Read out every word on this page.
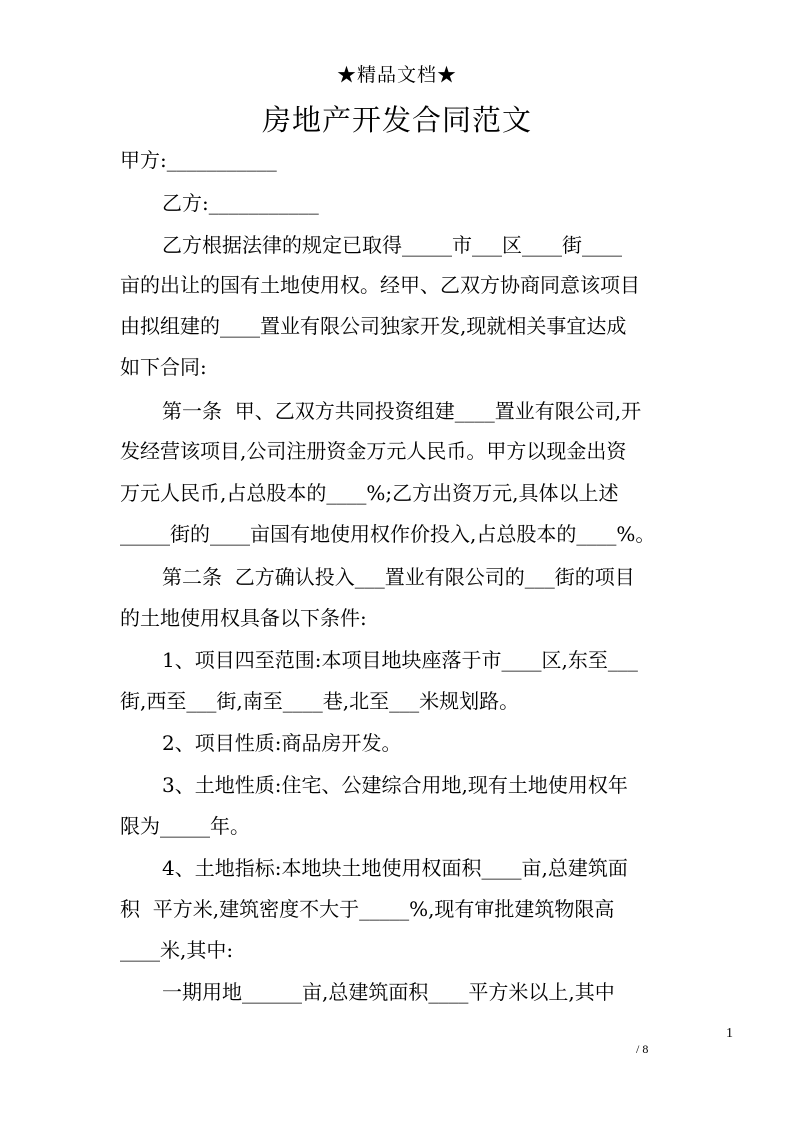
★精品文档★
房地产开发合同范文
甲方:___________
乙方:___________
乙方根据法律的规定已取得_____市___区____街____
亩的出让的国有土地使用权。经甲、乙双方协商同意该项目
由拟组建的____置业有限公司独家开发,现就相关事宜达成
如下合同:
第一条  甲、乙双方共同投资组建____置业有限公司,开
发经营该项目,公司注册资金万元人民币。甲方以现金出资
万元人民币,占总股本的____%;乙方出资万元,具体以上述
_____街的____亩国有地使用权作价投入,占总股本的____%。
第二条  乙方确认投入___置业有限公司的___街的项目
的土地使用权具备以下条件:
1、项目四至范围:本项目地块座落于市____区,东至___
街,西至___街,南至____巷,北至___米规划路。
2、项目性质:商品房开发。
3、土地性质:住宅、公建综合用地,现有土地使用权年
限为_____年。
4、土地指标:本地块土地使用权面积____亩,总建筑面
积  平方米,建筑密度不大于_____%,现有审批建筑物限高
____米,其中:
一期用地______亩,总建筑面积____平方米以上,其中
1
/ 8
